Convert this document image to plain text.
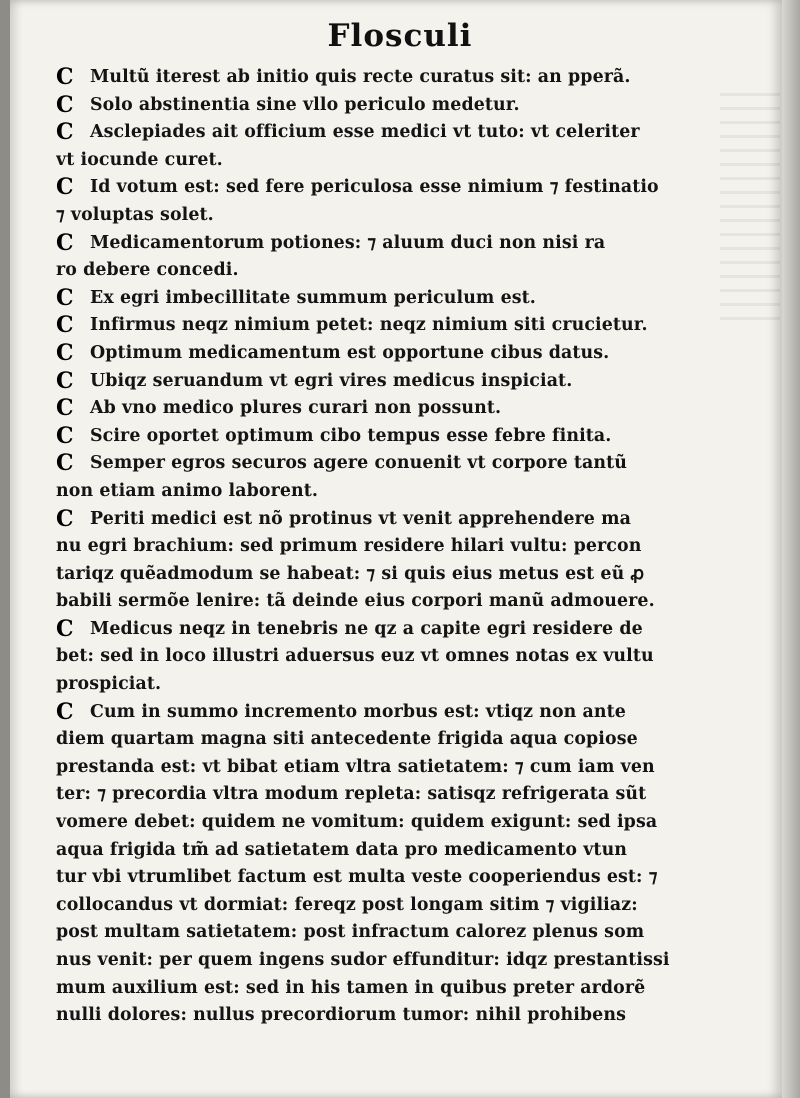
Flosculi
C Multũ iterest ab initio quis recte curatus sit: an pperã.
C Solo abstinentia sine vllo periculo medetur.
C Asclepiades ait officium esse medici vt tuto: vt celeriter
vt iocunde curet.
C Id votum est: sed fere periculosa esse nimium ⁊ festinatio
⁊ voluptas solet.
C Medicamentorum potiones: ⁊ aluum duci non nisi ra
ro debere concedi.
C Ex egri imbecillitate summum periculum est.
C Infirmus neqz nimium petet: neqz nimium siti crucietur.
C Optimum medicamentum est opportune cibus datus.
C Ubiqz seruandum vt egri vires medicus inspiciat.
C Ab vno medico plures curari non possunt.
C Scire oportet optimum cibo tempus esse febre finita.
C Semper egros securos agere conuenit vt corpore tantũ
non etiam animo laborent.
C Periti medici est nõ protinus vt venit apprehendere ma
nu egri brachium: sed primum residere hilari vultu: percon
tariqz quẽadmodum se habeat: ⁊ si quis eius metus est eũ ꝓ
babili sermõe lenire: tã deinde eius corpori manũ admouere.
C Medicus neqz in tenebris ne qz a capite egri residere de
bet: sed in loco illustri aduersus euz vt omnes notas ex vultu
prospiciat.
C Cum in summo incremento morbus est: vtiqz non ante
diem quartam magna siti antecedente frigida aqua copiose
prestanda est: vt bibat etiam vltra satietatem: ⁊ cum iam ven
ter: ⁊ precordia vltra modum repleta: satisqz refrigerata sũt
vomere debet: quidem ne vomitum: quidem exigunt: sed ipsa
aqua frigida tm̃ ad satietatem data pro medicamento vtun
tur vbi vtrumlibet factum est multa veste cooperiendus est: ⁊
collocandus vt dormiat: fereqz post longam sitim ⁊ vigiliaz:
post multam satietatem: post infractum calorez plenus som
nus venit: per quem ingens sudor effunditur: idqz prestantissi
mum auxilium est: sed in his tamen in quibus preter ardorẽ
nulli dolores: nullus precordiorum tumor: nihil prohibens
